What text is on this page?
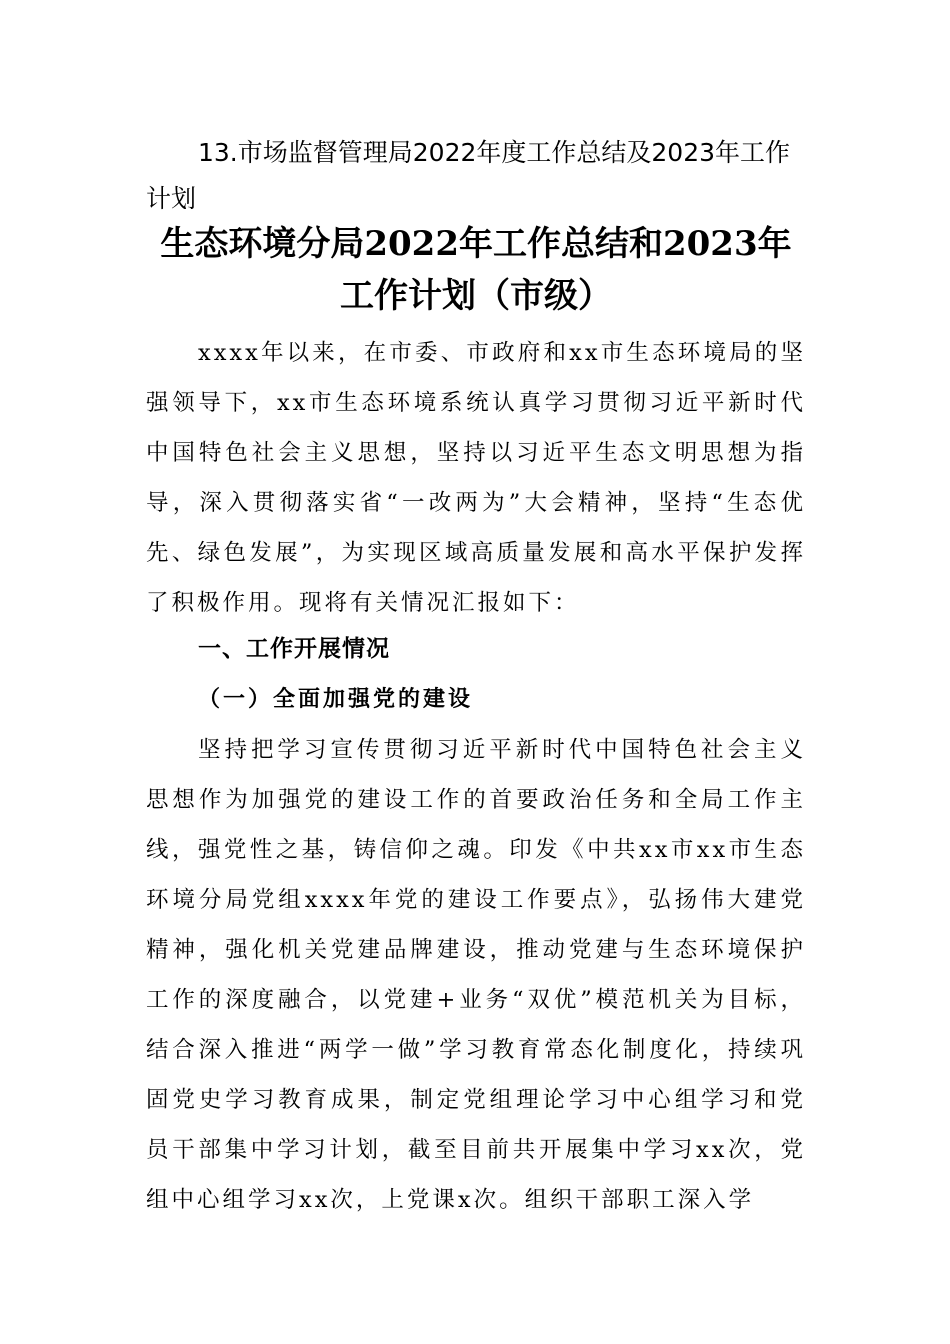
13.市场监督管理局2022年度工作总结及2023年工作计划

生态环境分局2022年工作总结和2023年工作计划（市级）

xxxx年以来，在市委、市政府和xx市生态环境局的坚强领导下，xx市生态环境系统认真学习贯彻习近平新时代中国特色社会主义思想，坚持以习近平生态文明思想为指导，深入贯彻落实省“一改两为”大会精神，坚持“生态优先、绿色发展”，为实现区域高质量发展和高水平保护发挥了积极作用。现将有关情况汇报如下：

一、工作开展情况
（一）全面加强党的建设

坚持把学习宣传贯彻习近平新时代中国特色社会主义思想作为加强党的建设工作的首要政治任务和全局工作主线，强党性之基，铸信仰之魂。印发《中共xx市xx市生态环境分局党组xxxx年党的建设工作要点》，弘扬伟大建党精神，强化机关党建品牌建设，推动党建与生态环境保护工作的深度融合，以党建+业务“双优”模范机关为目标，结合深入推进“两学一做”学习教育常态化制度化，持续巩固党史学习教育成果，制定党组理论学习中心组学习和党员干部集中学习计划，截至目前共开展集中学习xx次，党组中心组学习xx次，上党课x次。组织干部职工深入学
